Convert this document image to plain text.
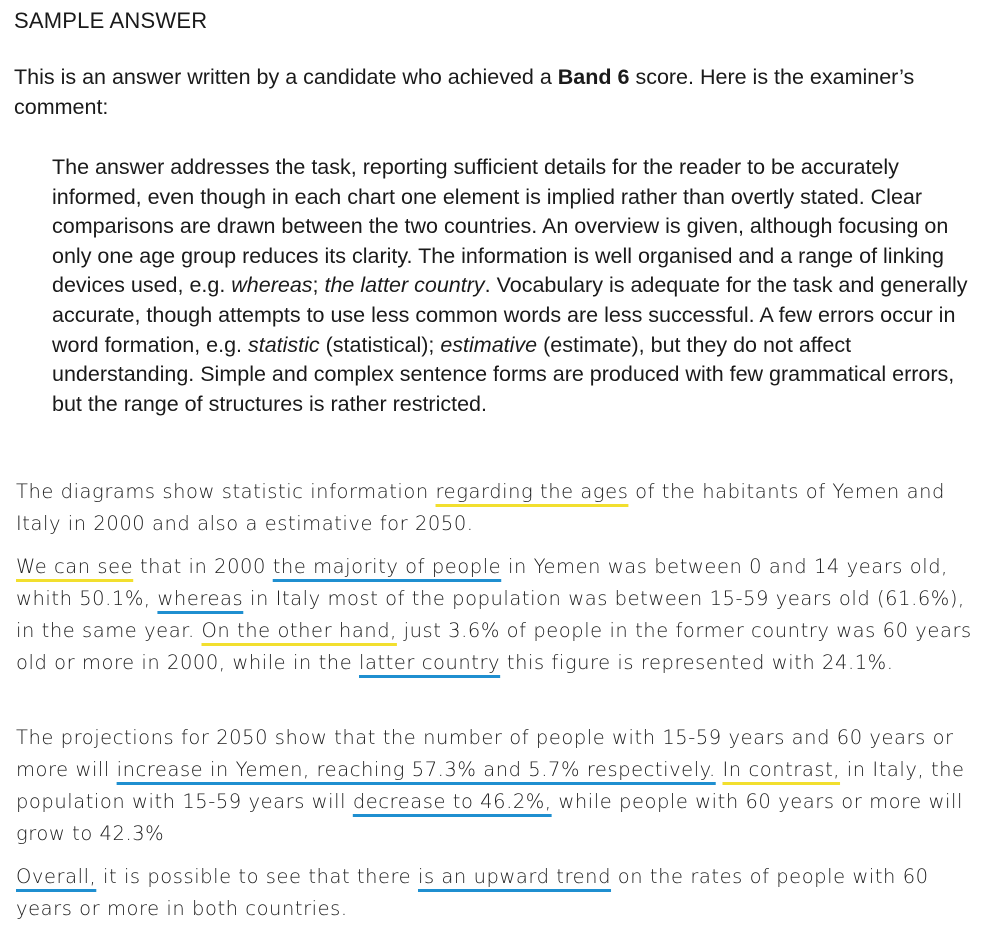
SAMPLE ANSWER

This is an answer written by a candidate who achieved a Band 6 score. Here is the examiner’s comment:

The answer addresses the task, reporting sufficient details for the reader to be accurately informed, even though in each chart one element is implied rather than overtly stated. Clear comparisons are drawn between the two countries. An overview is given, although focusing on only one age group reduces its clarity. The information is well organised and a range of linking devices used, e.g. whereas; the latter country. Vocabulary is adequate for the task and generally accurate, though attempts to use less common words are less successful. A few errors occur in word formation, e.g. statistic (statistical); estimative (estimate), but they do not affect understanding. Simple and complex sentence forms are produced with few grammatical errors, but the range of structures is rather restricted.

The diagrams show statistic information regarding the ages of the habitants of Yemen and Italy in 2000 and also a estimative for 2050.

We can see that in 2000 the majority of people in Yemen was between 0 and 14 years old, whith 50.1%, whereas in Italy most of the population was between 15-59 years old (61.6%), in the same year. On the other hand, just 3.6% of people in the former country was 60 years old or more in 2000, while in the latter country this figure is represented with 24.1%.

The projections for 2050 show that the number of people with 15-59 years and 60 years or more will increase in Yemen, reaching 57.3% and 5.7% respectively. In contrast, in Italy, the population with 15-59 years will decrease to 46.2%, while people with 60 years or more will grow to 42.3%

Overall, it is possible to see that there is an upward trend on the rates of people with 60 years or more in both countries.
